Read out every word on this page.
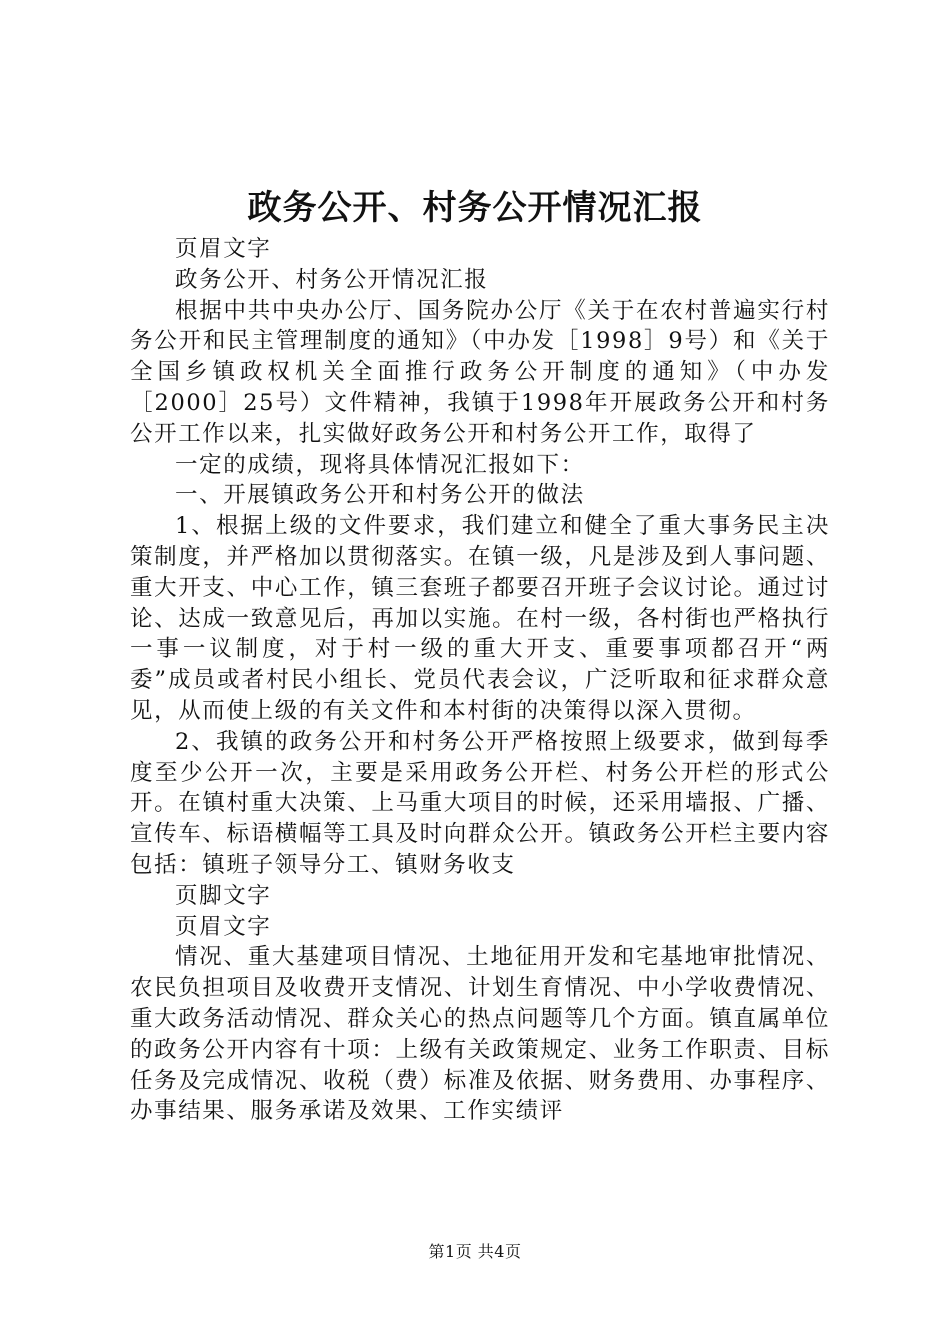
政务公开、村务公开情况汇报

页眉文字

政务公开、村务公开情况汇报

根据中共中央办公厅、国务院办公厅《关于在农村普遍实行村务公开和民主管理制度的通知》（中办发［1998］9号）和《关于全国乡镇政权机关全面推行政务公开制度的通知》（中办发［2000］25号）文件精神，我镇于1998年开展政务公开和村务公开工作以来，扎实做好政务公开和村务公开工作，取得了

一定的成绩，现将具体情况汇报如下：

一、开展镇政务公开和村务公开的做法

1、根据上级的文件要求，我们建立和健全了重大事务民主决策制度，并严格加以贯彻落实。在镇一级，凡是涉及到人事问题、重大开支、中心工作，镇三套班子都要召开班子会议讨论。通过讨论、达成一致意见后，再加以实施。在村一级，各村街也严格执行一事一议制度，对于村一级的重大开支、重要事项都召开“两委”成员或者村民小组长、党员代表会议，广泛听取和征求群众意见，从而使上级的有关文件和本村街的决策得以深入贯彻。

2、我镇的政务公开和村务公开严格按照上级要求，做到每季度至少公开一次，主要是采用政务公开栏、村务公开栏的形式公开。在镇村重大决策、上马重大项目的时候，还采用墙报、广播、宣传车、标语横幅等工具及时向群众公开。镇政务公开栏主要内容包括：镇班子领导分工、镇财务收支

页脚文字

页眉文字

情况、重大基建项目情况、土地征用开发和宅基地审批情况、农民负担项目及收费开支情况、计划生育情况、中小学收费情况、重大政务活动情况、群众关心的热点问题等几个方面。镇直属单位的政务公开内容有十项：上级有关政策规定、业务工作职责、目标任务及完成情况、收税（费）标准及依据、财务费用、办事程序、办事结果、服务承诺及效果、工作实绩评

第1页 共4页
